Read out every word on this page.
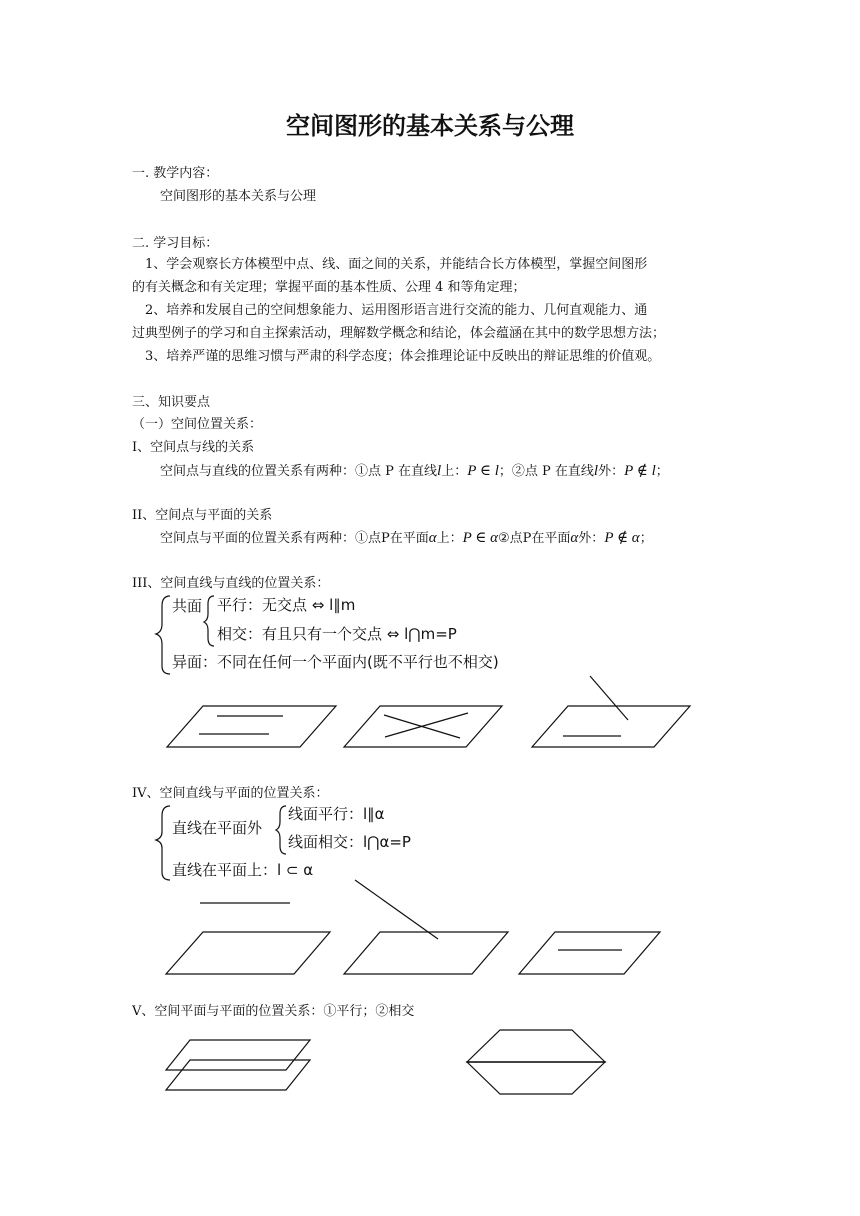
空间图形的基本关系与公理
一. 教学内容：
空间图形的基本关系与公理
二. 学习目标：
1、学会观察长方体模型中点、线、面之间的关系，并能结合长方体模型，掌握空间图形
的有关概念和有关定理；掌握平面的基本性质、公理 4 和等角定理；
2、培养和发展自己的空间想象能力、运用图形语言进行交流的能力、几何直观能力、通
过典型例子的学习和自主探索活动，理解数学概念和结论，体会蕴涵在其中的数学思想方法；
3、培养严谨的思维习惯与严肃的科学态度；体会推理论证中反映出的辩证思维的价值观。
三、知识要点
（一）空间位置关系：
I、空间点与线的关系
空间点与直线的位置关系有两种：①点 P 在直线l上：P ∈ l；②点 P 在直线l外：P ∉ l；
II、空间点与平面的关系
空间点与平面的位置关系有两种：①点P在平面α上：P ∈ α②点P在平面α外：P ∉ α；
III、空间直线与直线的位置关系：
共面 平行：无交点 ⇔ l∥m
相交：有且只有一个交点 ⇔ l⋂m=P
异面：不同在任何一个平面内(既不平行也不相交)
IV、空间直线与平面的位置关系：
直线在平面外
线面平行：l∥α
线面相交：l⋂α=P
直线在平面上：l ⊂ α
V、空间平面与平面的位置关系：①平行；②相交
